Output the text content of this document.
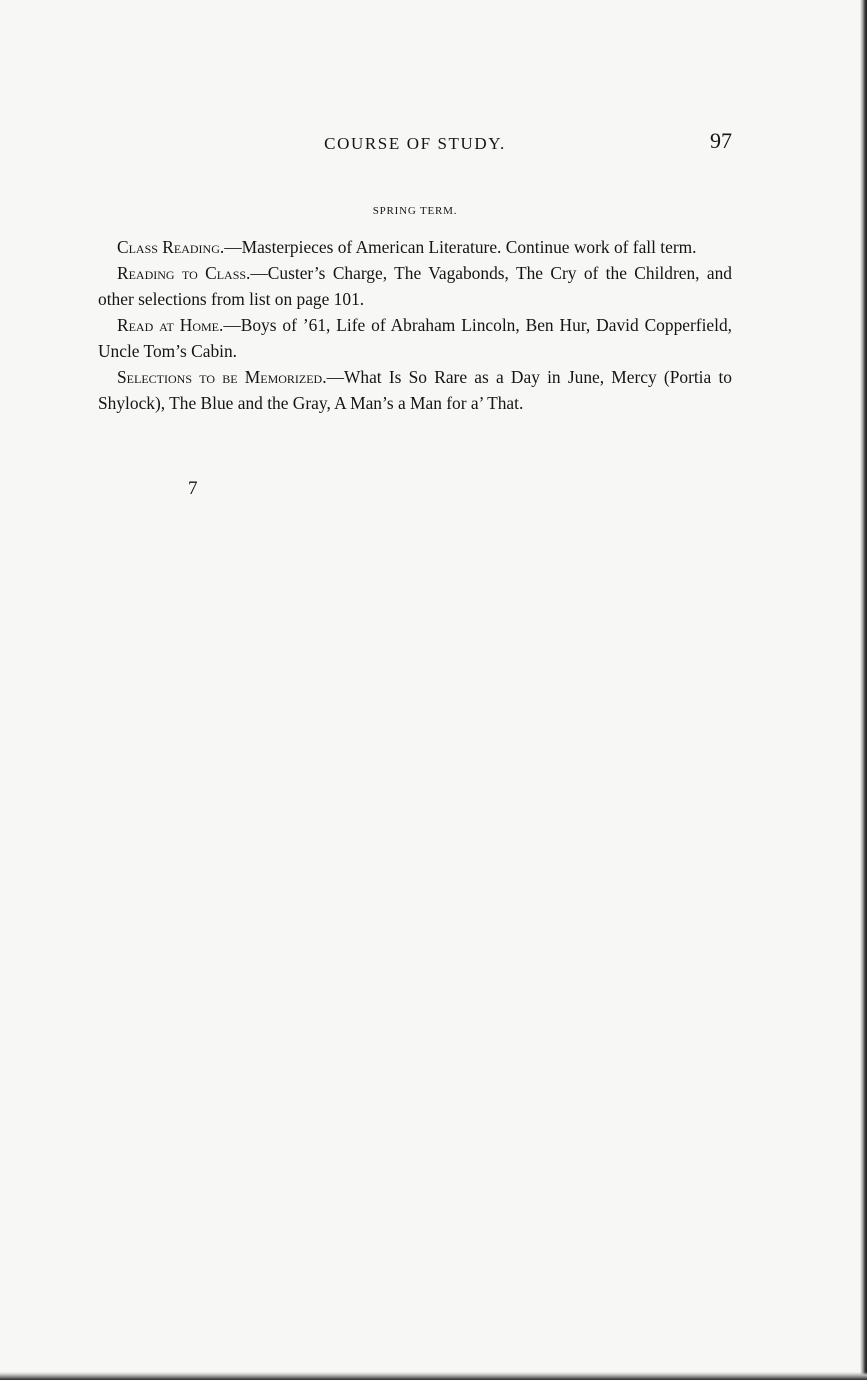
COURSE OF STUDY.	97
SPRING TERM.

Class Reading.—Masterpieces of American Literature. Continue work of fall term.

Reading to Class.—Custer’s Charge, The Vagabonds, The Cry of the Children, and other selections from list on page 101.

Read at Home.—Boys of ’61, Life of Abraham Lincoln, Ben Hur, David Copperfield, Uncle Tom’s Cabin.

Selections to be Memorized.—What Is So Rare as a Day in June, Mercy (Portia to Shylock), The Blue and the Gray, A Man’s a Man for a’ That.

7
